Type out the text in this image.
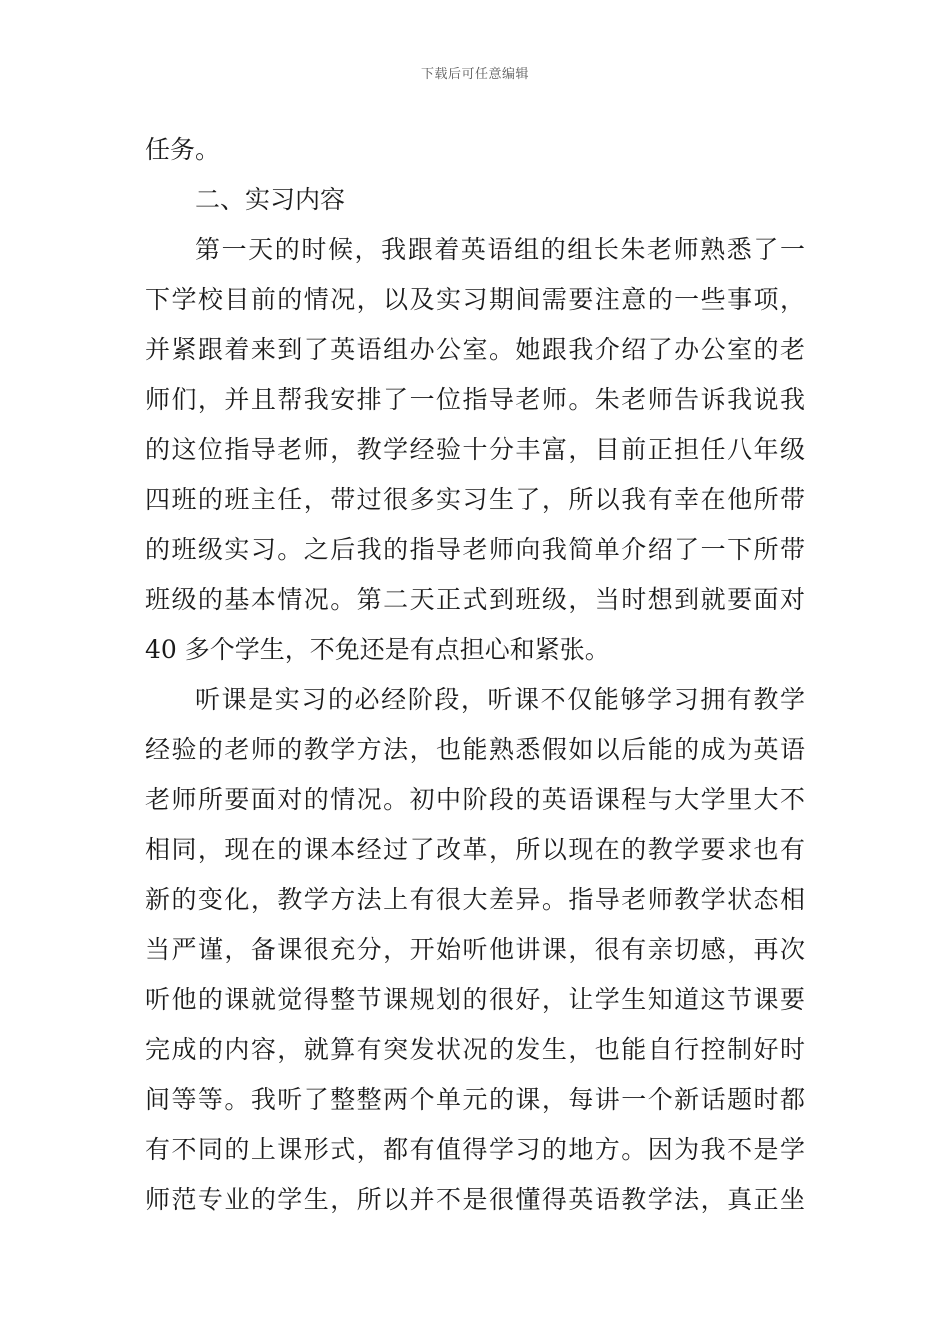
下载后可任意编辑
任务。
二、实习内容
第一天的时候，我跟着英语组的组长朱老师熟悉了一
下学校目前的情况，以及实习期间需要注意的一些事项，
并紧跟着来到了英语组办公室。她跟我介绍了办公室的老
师们，并且帮我安排了一位指导老师。朱老师告诉我说我
的这位指导老师，教学经验十分丰富，目前正担任八年级
四班的班主任，带过很多实习生了，所以我有幸在他所带
的班级实习。之后我的指导老师向我简单介绍了一下所带
班级的基本情况。第二天正式到班级，当时想到就要面对
40 多个学生，不免还是有点担心和紧张。
听课是实习的必经阶段，听课不仅能够学习拥有教学
经验的老师的教学方法，也能熟悉假如以后能的成为英语
老师所要面对的情况。初中阶段的英语课程与大学里大不
相同，现在的课本经过了改革，所以现在的教学要求也有
新的变化，教学方法上有很大差异。指导老师教学状态相
当严谨，备课很充分，开始听他讲课，很有亲切感，再次
听他的课就觉得整节课规划的很好，让学生知道这节课要
完成的内容，就算有突发状况的发生，也能自行控制好时
间等等。我听了整整两个单元的课，每讲一个新话题时都
有不同的上课形式，都有值得学习的地方。因为我不是学
师范专业的学生，所以并不是很懂得英语教学法，真正坐
